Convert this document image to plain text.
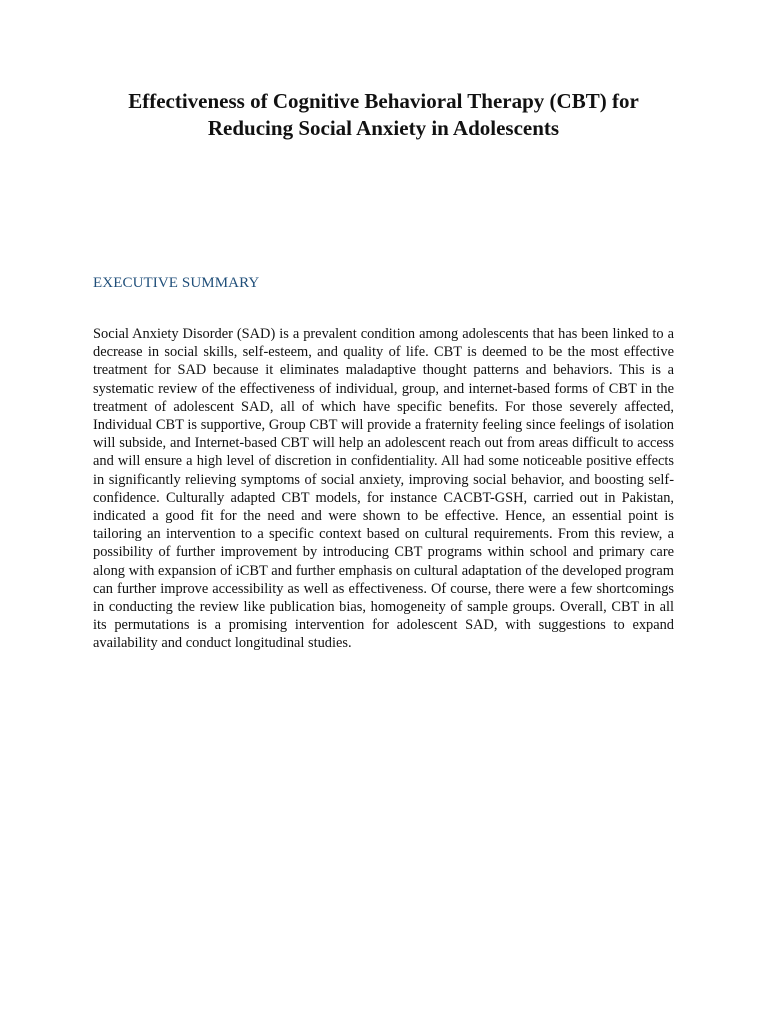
Effectiveness of Cognitive Behavioral Therapy (CBT) for Reducing Social Anxiety in Adolescents
EXECUTIVE SUMMARY

Social Anxiety Disorder (SAD) is a prevalent condition among adolescents that has been linked to a decrease in social skills, self-esteem, and quality of life. CBT is deemed to be the most effective treatment for SAD because it eliminates maladaptive thought patterns and behaviors. This is a systematic review of the effectiveness of individual, group, and internet-based forms of CBT in the treatment of adolescent SAD, all of which have specific benefits. For those severely affected, Individual CBT is supportive, Group CBT will provide a fraternity feeling since feelings of isolation will subside, and Internet-based CBT will help an adolescent reach out from areas difficult to access and will ensure a high level of discretion in confidentiality. All had some noticeable positive effects in significantly relieving symptoms of social anxiety, improving social behavior, and boosting self-confidence. Culturally adapted CBT models, for instance CACBT-GSH, carried out in Pakistan, indicated a good fit for the need and were shown to be effective. Hence, an essential point is tailoring an intervention to a specific context based on cultural requirements. From this review, a possibility of further improvement by introducing CBT programs within school and primary care along with expansion of iCBT and further emphasis on cultural adaptation of the developed program can further improve accessibility as well as effectiveness. Of course, there were a few shortcomings in conducting the review like publication bias, homogeneity of sample groups. Overall, CBT in all its permutations is a promising intervention for adolescent SAD, with suggestions to expand availability and conduct longitudinal studies.
